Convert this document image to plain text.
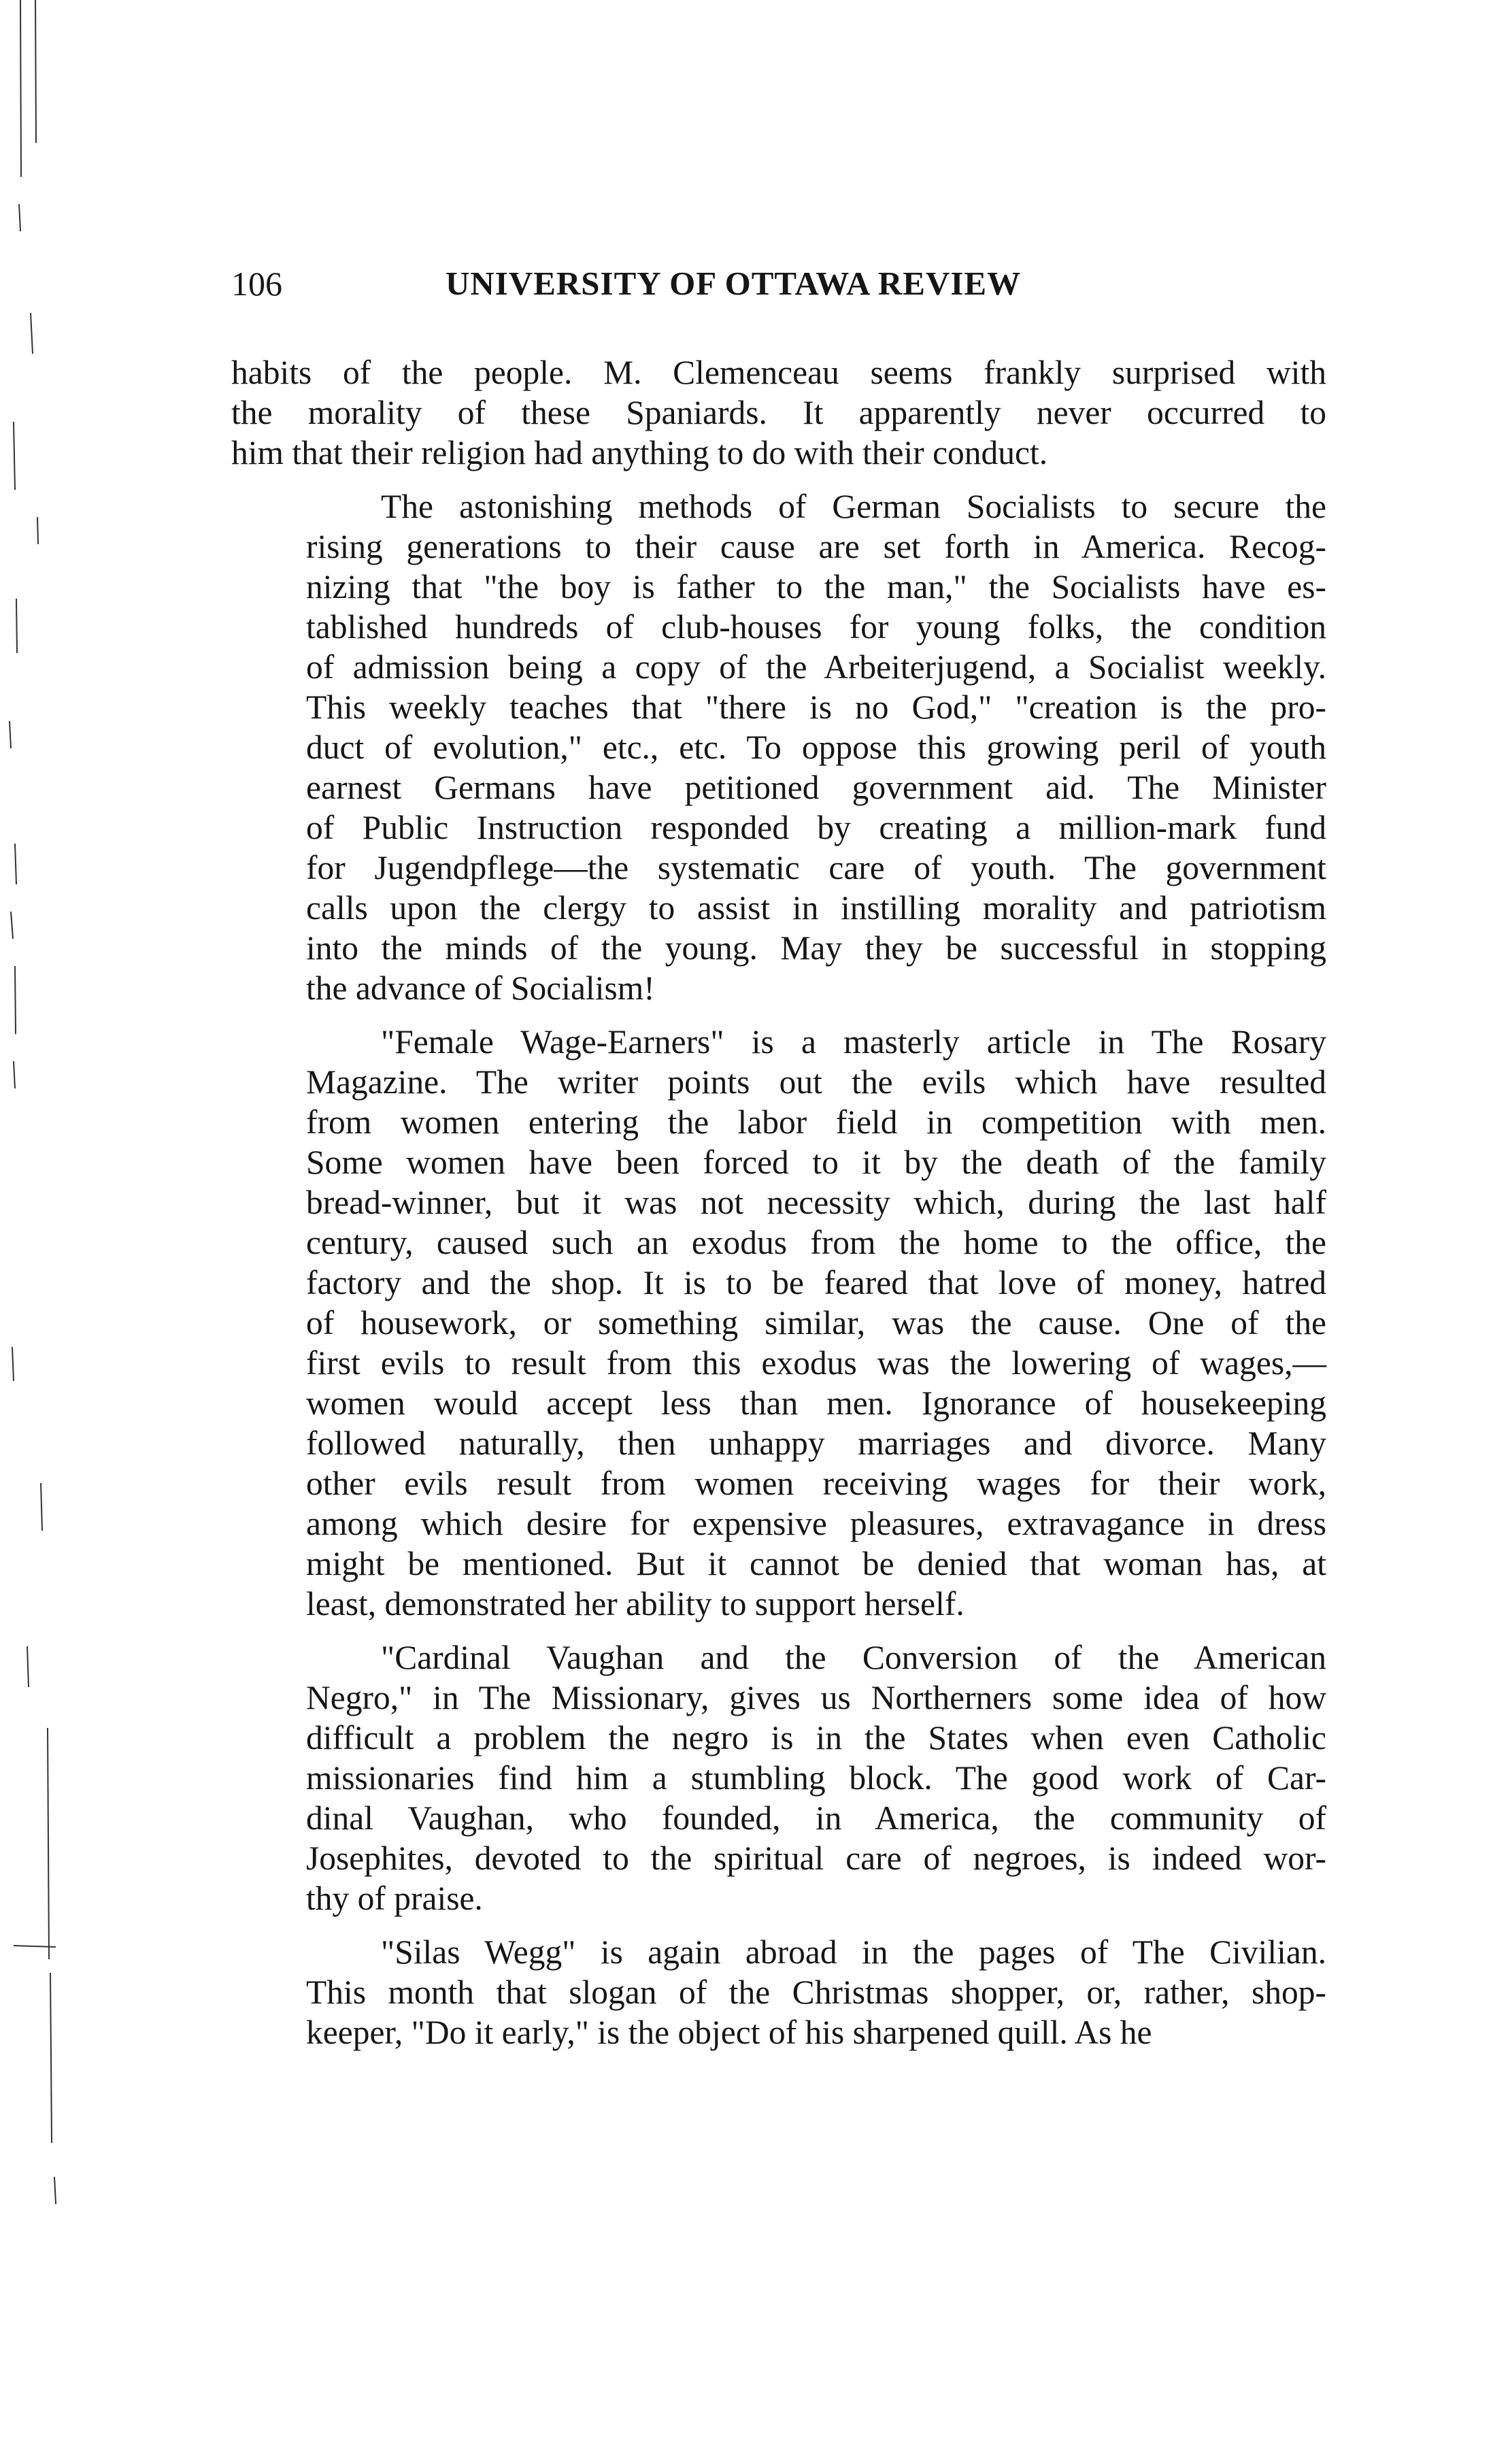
106	UNIVERSITY OF OTTAWA REVIEW

habits of the people. M. Clemenceau seems frankly surprised with
the morality of these Spaniards. It apparently never occurred to
him that their religion had anything to do with their conduct.

The astonishing methods of German Socialists to secure the
rising generations to their cause are set forth in America. Recog-
nizing that "the boy is father to the man," the Socialists have es-
tablished hundreds of club-houses for young folks, the condition
of admission being a copy of the Arbeiterjugend, a Socialist weekly.
This weekly teaches that "there is no God," "creation is the pro-
duct of evolution," etc., etc. To oppose this growing peril of youth
earnest Germans have petitioned government aid. The Minister
of Public Instruction responded by creating a million-mark fund
for Jugendpflege—the systematic care of youth. The government
calls upon the clergy to assist in instilling morality and patriotism
into the minds of the young. May they be successful in stopping
the advance of Socialism!

"Female Wage-Earners" is a masterly article in The Rosary
Magazine. The writer points out the evils which have resulted
from women entering the labor field in competition with men.
Some women have been forced to it by the death of the family
bread-winner, but it was not necessity which, during the last half
century, caused such an exodus from the home to the office, the
factory and the shop. It is to be feared that love of money, hatred
of housework, or something similar, was the cause. One of the
first evils to result from this exodus was the lowering of wages,—
women would accept less than men. Ignorance of housekeeping
followed naturally, then unhappy marriages and divorce. Many
other evils result from women receiving wages for their work,
among which desire for expensive pleasures, extravagance in dress
might be mentioned. But it cannot be denied that woman has, at
least, demonstrated her ability to support herself.

"Cardinal Vaughan and the Conversion of the American
Negro," in The Missionary, gives us Northerners some idea of how
difficult a problem the negro is in the States when even Catholic
missionaries find him a stumbling block. The good work of Car-
dinal Vaughan, who founded, in America, the community of
Josephites, devoted to the spiritual care of negroes, is indeed wor-
thy of praise.

"Silas Wegg" is again abroad in the pages of The Civilian.
This month that slogan of the Christmas shopper, or, rather, shop-
keeper, "Do it early," is the object of his sharpened quill. As he
